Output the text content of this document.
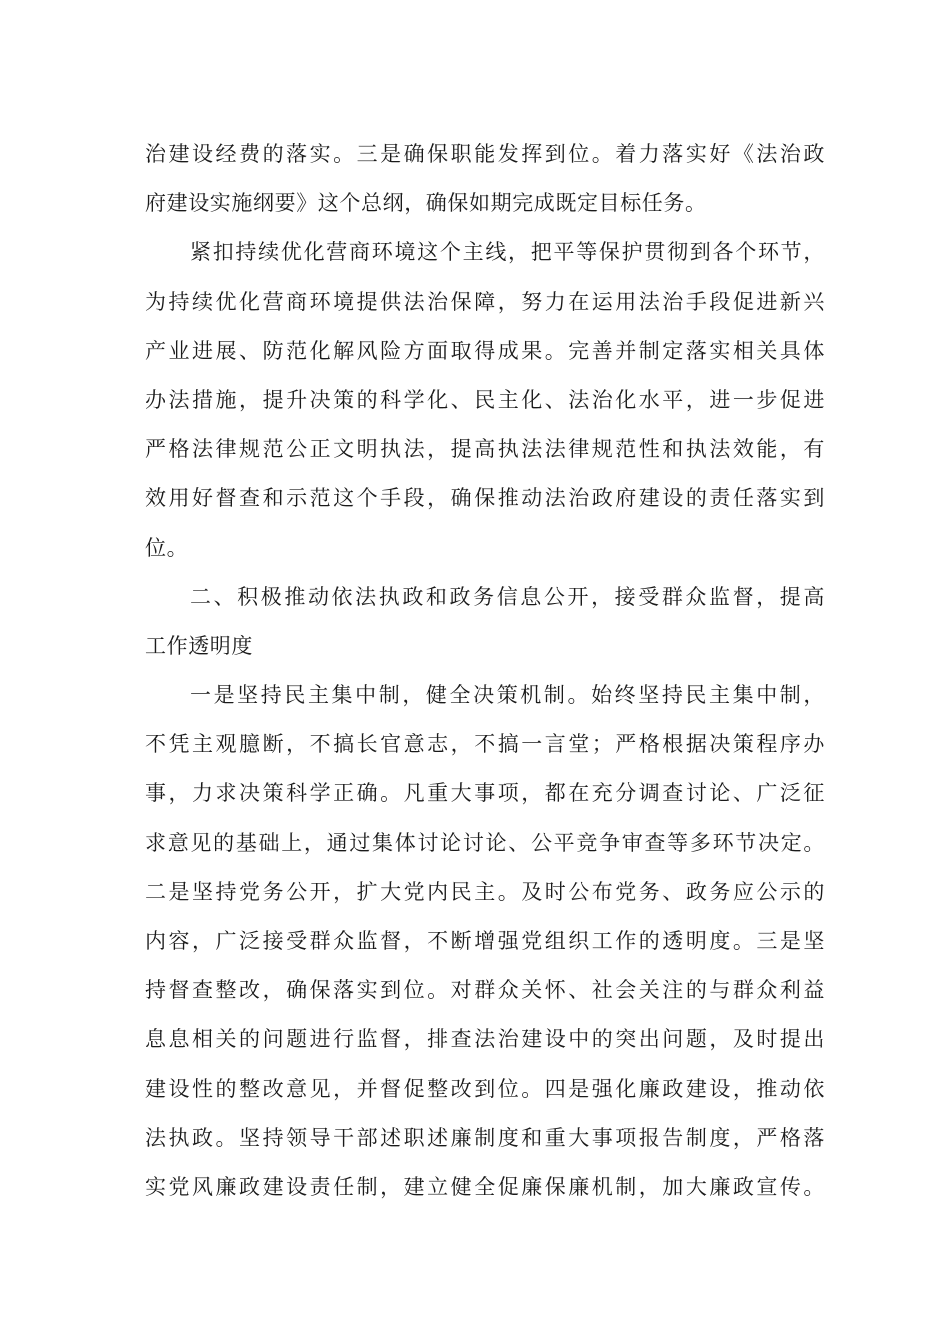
治建设经费的落实。三是确保职能发挥到位。着力落实好《法治政
府建设实施纲要》这个总纲，确保如期完成既定目标任务。
紧扣持续优化营商环境这个主线，把平等保护贯彻到各个环节，
为持续优化营商环境提供法治保障，努力在运用法治手段促进新兴
产业进展、防范化解风险方面取得成果。完善并制定落实相关具体
办法措施，提升决策的科学化、民主化、法治化水平，进一步促进
严格法律规范公正文明执法，提高执法法律规范性和执法效能，有
效用好督查和示范这个手段，确保推动法治政府建设的责任落实到
位。
二、积极推动依法执政和政务信息公开，接受群众监督，提高
工作透明度
一是坚持民主集中制，健全决策机制。始终坚持民主集中制，
不凭主观臆断，不搞长官意志，不搞一言堂；严格根据决策程序办
事，力求决策科学正确。凡重大事项，都在充分调查讨论、广泛征
求意见的基础上，通过集体讨论讨论、公平竞争审查等多环节决定。
二是坚持党务公开，扩大党内民主。及时公布党务、政务应公示的
内容，广泛接受群众监督，不断增强党组织工作的透明度。三是坚
持督查整改，确保落实到位。对群众关怀、社会关注的与群众利益
息息相关的问题进行监督，排查法治建设中的突出问题，及时提出
建设性的整改意见，并督促整改到位。四是强化廉政建设，推动依
法执政。坚持领导干部述职述廉制度和重大事项报告制度，严格落
实党风廉政建设责任制，建立健全促廉保廉机制，加大廉政宣传。
